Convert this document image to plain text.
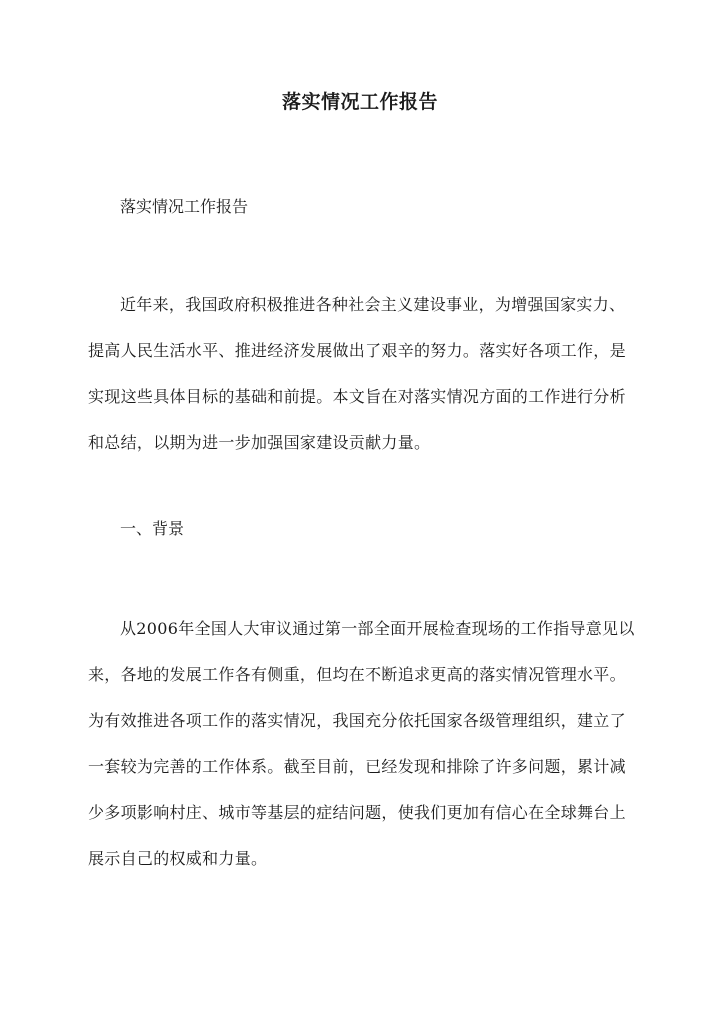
落实情况工作报告
落实情况工作报告
近年来，我国政府积极推进各种社会主义建设事业，为增强国家实力、提高人民生活水平、推进经济发展做出了艰辛的努力。落实好各项工作，是实现这些具体目标的基础和前提。本文旨在对落实情况方面的工作进行分析和总结，以期为进一步加强国家建设贡献力量。
一、背景
从2006年全国人大审议通过第一部全面开展检查现场的工作指导意见以来，各地的发展工作各有侧重，但均在不断追求更高的落实情况管理水平。为有效推进各项工作的落实情况，我国充分依托国家各级管理组织，建立了一套较为完善的工作体系。截至目前，已经发现和排除了许多问题，累计减少多项影响村庄、城市等基层的症结问题，使我们更加有信心在全球舞台上展示自己的权威和力量。
